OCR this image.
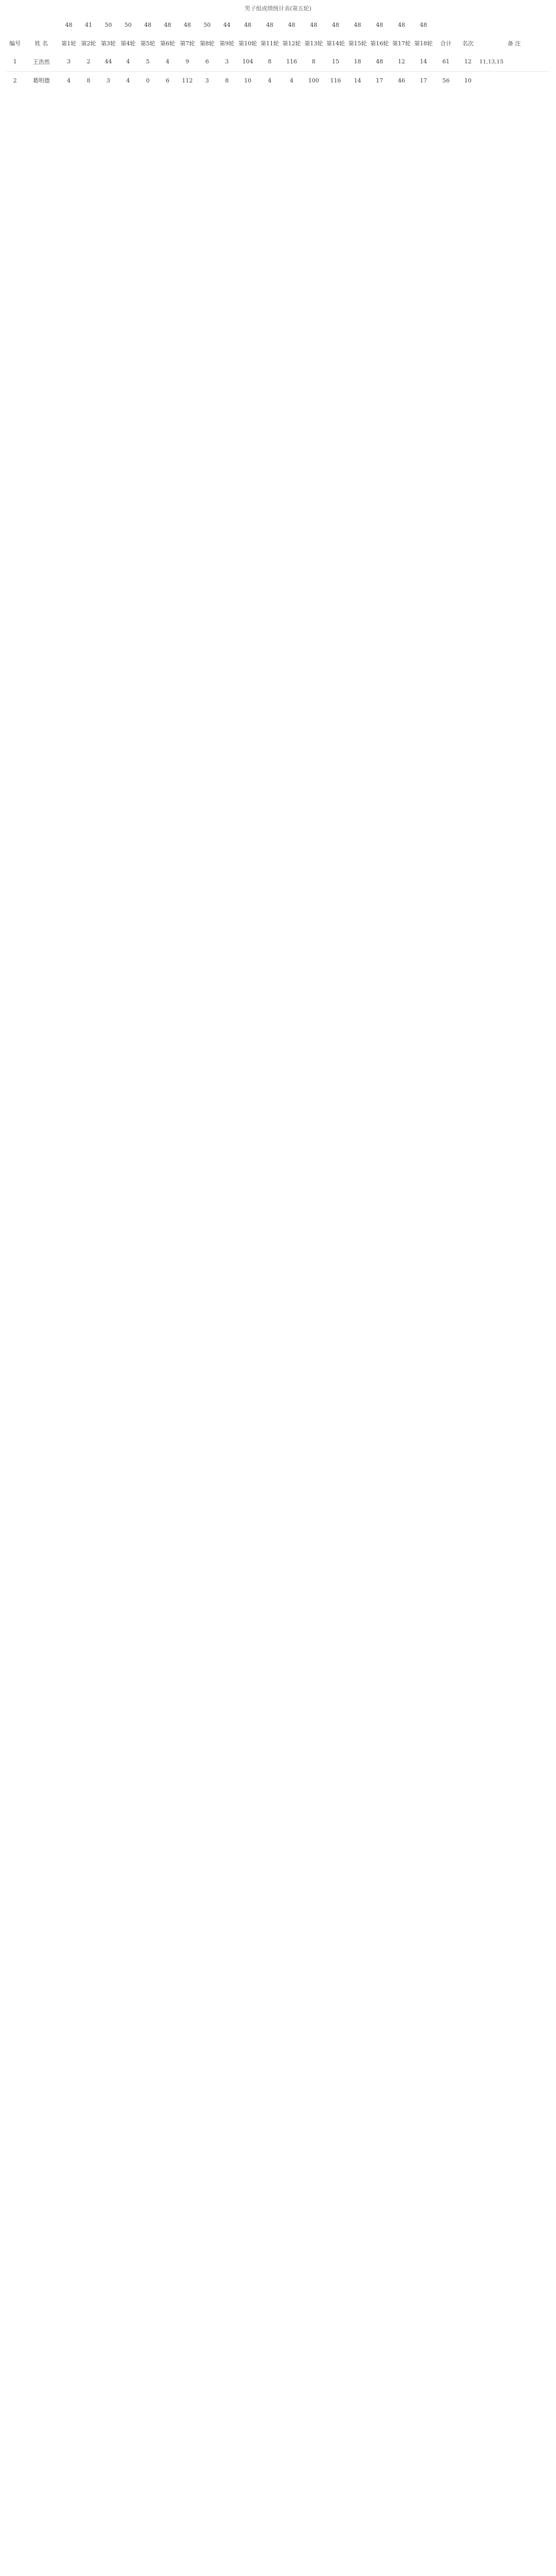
男子组成绩统计表(第五轮)
		48	41	50	50	48	48	48	50	44	48	48	48	48	48	48	48	48	48			
编号	姓 名	第1轮	第2轮	第3轮	第4轮	第5轮	第6轮	第7轮	第8轮	第9轮	第10轮	第11轮	第12轮	第13轮	第14轮	第15轮	第16轮	第17轮	第18轮	合计	名次	备 注
1	王浩然	3	2	44	4	5	4	9	6	3	104	8	116	8	15	18	48	12	14	61	12	11,13,15
2	葛明德	4	8	3	4	0	6	112	3	8	10	4	4	100	116	14	17	46	17	56	10	
